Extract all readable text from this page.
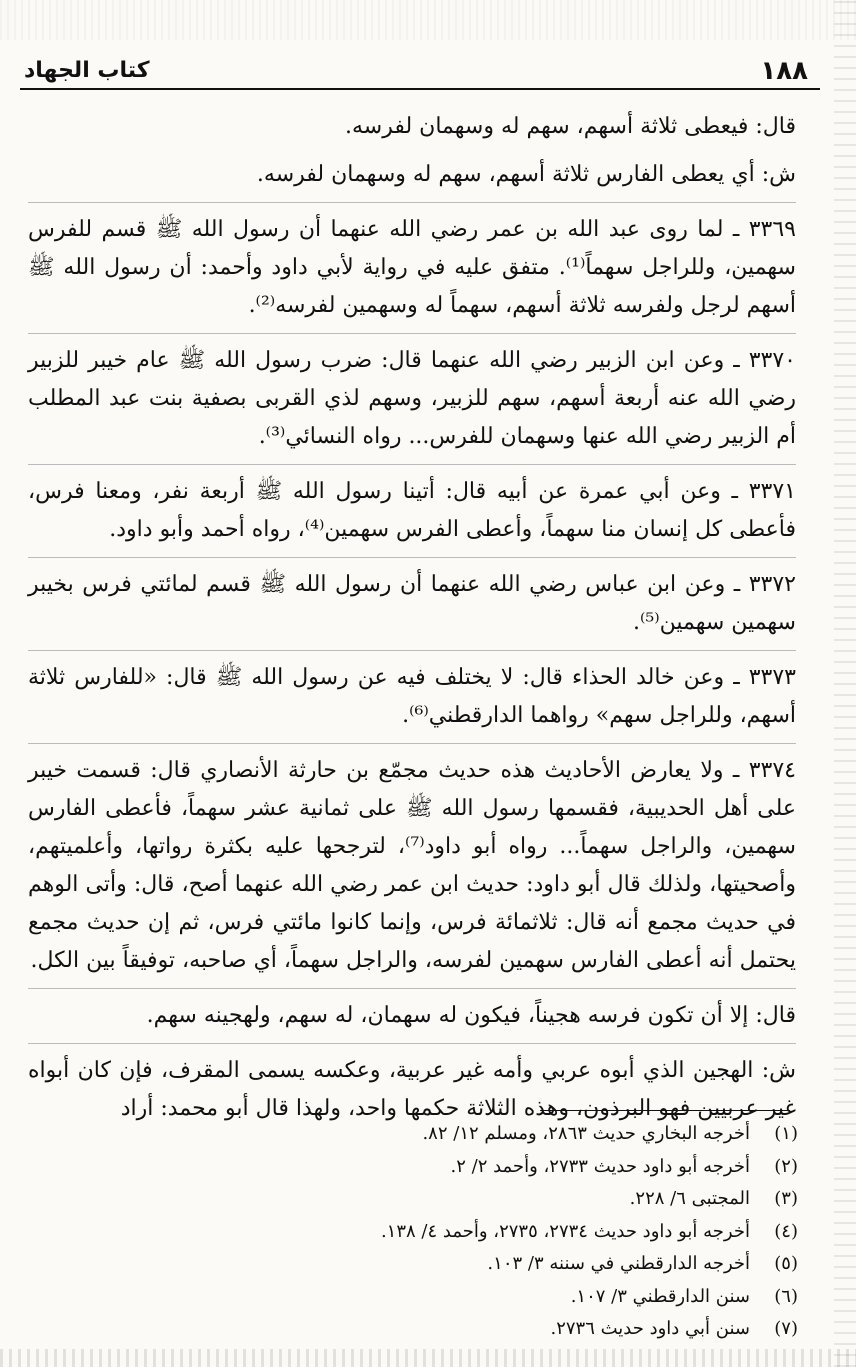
١٨٨
كتاب الجهاد

قال: فيعطى ثلاثة أسهم، سهم له وسهمان لفرسه.

ش: أي يعطى الفارس ثلاثة أسهم، سهم له وسهمان لفرسه.

٣٣٦٩ ـ لما روى عبد الله بن عمر رضي الله عنهما أن رسول الله ﷺ قسم للفرس سهمين، وللراجل سهماً⁽¹⁾. متفق عليه في رواية لأبي داود وأحمد: أن رسول الله ﷺ أسهم لرجل ولفرسه ثلاثة أسهم، سهماً له وسهمين لفرسه⁽²⁾.

٣٣٧٠ ـ وعن ابن الزبير رضي الله عنهما قال: ضرب رسول الله ﷺ عام خيبر للزبير رضي الله عنه أربعة أسهم، سهم للزبير، وسهم لذي القربى بصفية بنت عبد المطلب أم الزبير رضي الله عنها وسهمان للفرس... رواه النسائي⁽³⁾.

٣٣٧١ ـ وعن أبي عمرة عن أبيه قال: أتينا رسول الله ﷺ أربعة نفر، ومعنا فرس، فأعطى كل إنسان منا سهماً، وأعطى الفرس سهمين⁽⁴⁾، رواه أحمد وأبو داود.

٣٣٧٢ ـ وعن ابن عباس رضي الله عنهما أن رسول الله ﷺ قسم لمائتي فرس بخيبر سهمين سهمين⁽⁵⁾.

٣٣٧٣ ـ وعن خالد الحذاء قال: لا يختلف فيه عن رسول الله ﷺ قال: «للفارس ثلاثة أسهم، وللراجل سهم» رواهما الدارقطني⁽⁶⁾.

٣٣٧٤ ـ ولا يعارض الأحاديث هذه حديث مجمّع بن حارثة الأنصاري قال: قسمت خيبر على أهل الحديبية، فقسمها رسول الله ﷺ على ثمانية عشر سهماً، فأعطى الفارس سهمين، والراجل سهماً... رواه أبو داود⁽⁷⁾، لترجحها عليه بكثرة رواتها، وأعلميتهم، وأصحيتها، ولذلك قال أبو داود: حديث ابن عمر رضي الله عنهما أصح، قال: وأتى الوهم في حديث مجمع أنه قال: ثلاثمائة فرس، وإنما كانوا مائتي فرس، ثم إن حديث مجمع يحتمل أنه أعطى الفارس سهمين لفرسه، والراجل سهماً، أي صاحبه، توفيقاً بين الكل.

قال: إلا أن تكون فرسه هجيناً، فيكون له سهمان، له سهم، ولهجينه سهم.

ش: الهجين الذي أبوه عربي وأمه غير عربية، وعكسه يسمى المقرف، فإن كان أبواه غير عربيين فهو البرذون، وهذه الثلاثة حكمها واحد، ولهذا قال أبو محمد: أراد

(١)
أخرجه البخاري حديث ٢٨٦٣، ومسلم ١٢/ ٨٢.
(٢)
أخرجه أبو داود حديث ٢٧٣٣، وأحمد ٢/ ٢.
(٣)
المجتبى ٦/ ٢٢٨.
(٤)
أخرجه أبو داود حديث ٢٧٣٤، ٢٧٣٥، وأحمد ٤/ ١٣٨.
(٥)
أخرجه الدارقطني في سننه ٣/ ١٠٣.
(٦)
سنن الدارقطني ٣/ ١٠٧.
(٧)
سنن أبي داود حديث ٢٧٣٦.
